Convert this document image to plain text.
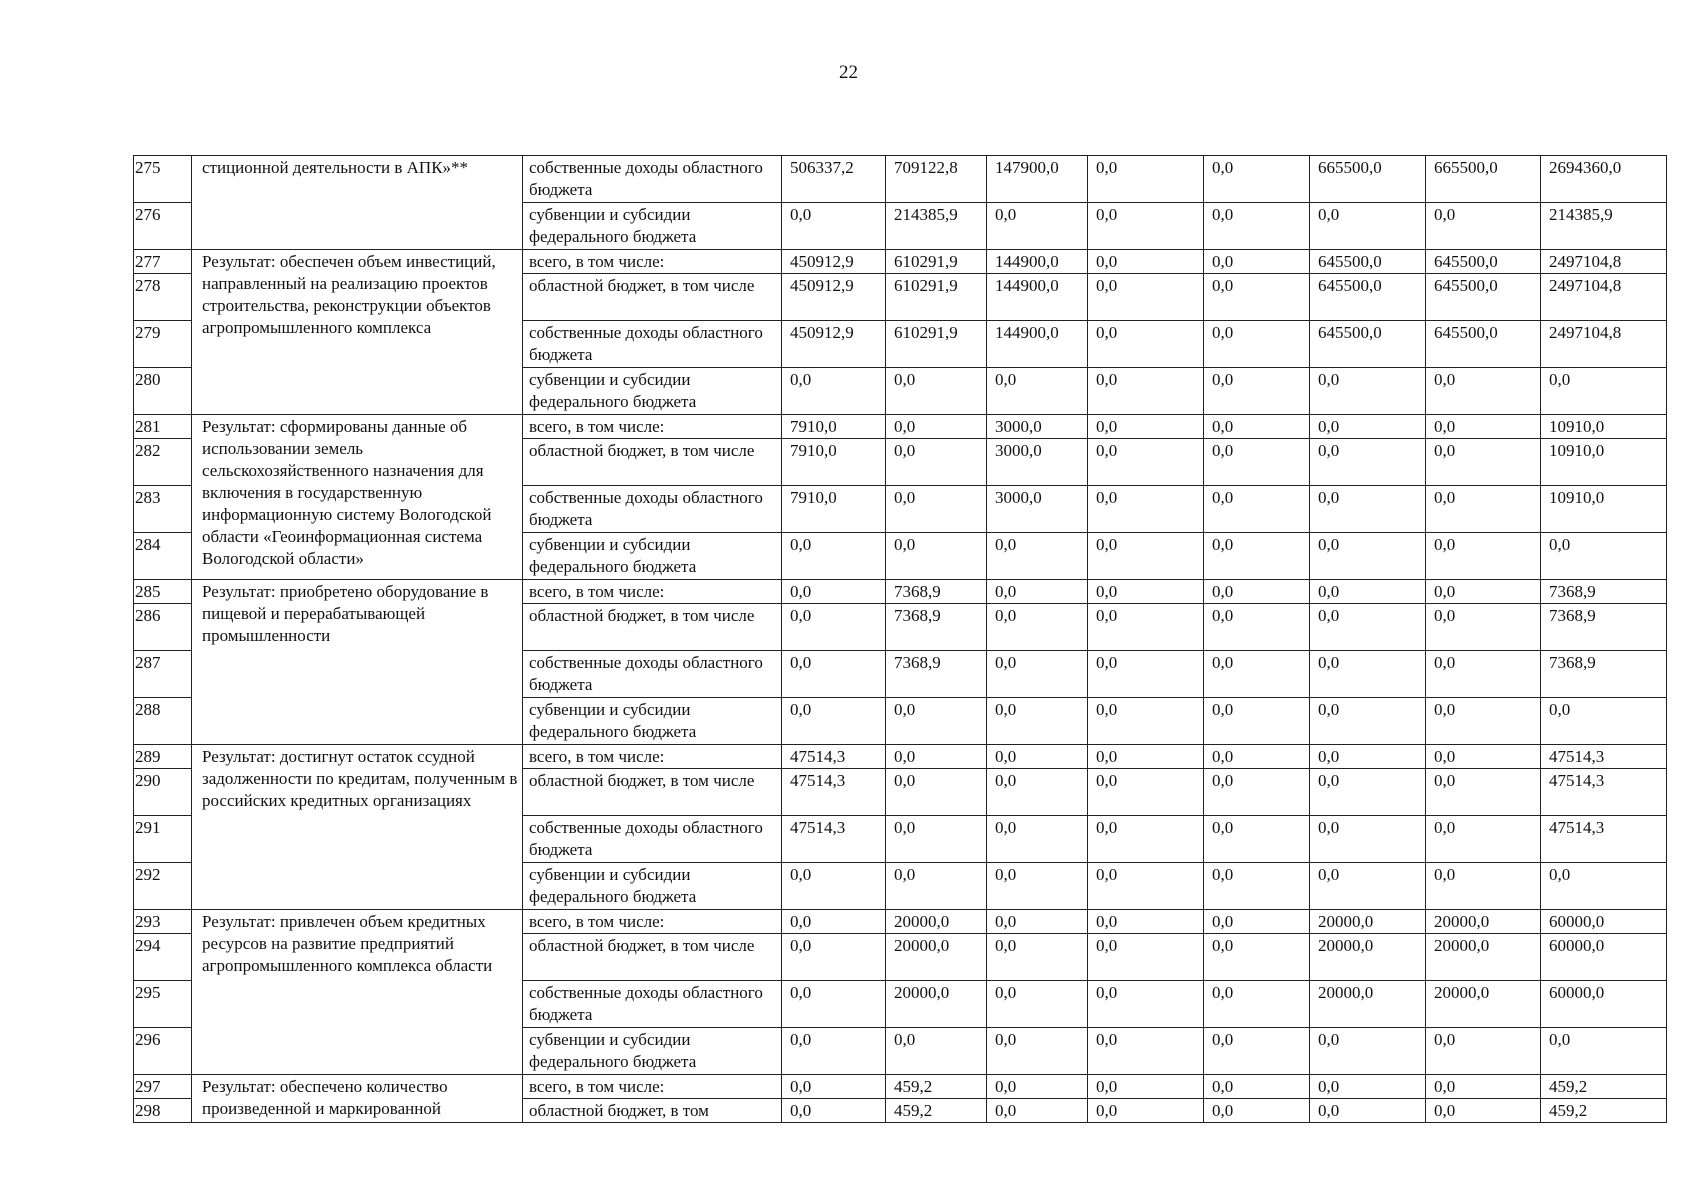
22
275	стиционной деятельности в АПК»**	собственные доходы областного бюджета	506337,2	709122,8	147900,0	0,0	0,0	665500,0	665500,0	2694360,0
276		субвенции и субсидии федерального бюджета	0,0	214385,9	0,0	0,0	0,0	0,0	0,0	214385,9
277	Результат: обеспечен объем инвестиций, направленный на реализацию проектов строительства, реконструкции объектов агропромышленного комплекса	всего, в том числе:	450912,9	610291,9	144900,0	0,0	0,0	645500,0	645500,0	2497104,8
278		областной бюджет, в том числе	450912,9	610291,9	144900,0	0,0	0,0	645500,0	645500,0	2497104,8
279		собственные доходы областного бюджета	450912,9	610291,9	144900,0	0,0	0,0	645500,0	645500,0	2497104,8
280		субвенции и субсидии федерального бюджета	0,0	0,0	0,0	0,0	0,0	0,0	0,0	0,0
281	Результат: сформированы данные об использовании земель сельскохозяйственного назначения для включения в государственную информационную систему Вологодской области «Геоинформационная система Вологодской области»	всего, в том числе:	7910,0	0,0	3000,0	0,0	0,0	0,0	0,0	10910,0
282		областной бюджет, в том числе	7910,0	0,0	3000,0	0,0	0,0	0,0	0,0	10910,0
283		собственные доходы областного бюджета	7910,0	0,0	3000,0	0,0	0,0	0,0	0,0	10910,0
284		субвенции и субсидии федерального бюджета	0,0	0,0	0,0	0,0	0,0	0,0	0,0	0,0
285	Результат: приобретено оборудование в пищевой и перерабатывающей промышленности	всего, в том числе:	0,0	7368,9	0,0	0,0	0,0	0,0	0,0	7368,9
286		областной бюджет, в том числе	0,0	7368,9	0,0	0,0	0,0	0,0	0,0	7368,9
287		собственные доходы областного бюджета	0,0	7368,9	0,0	0,0	0,0	0,0	0,0	7368,9
288		субвенции и субсидии федерального бюджета	0,0	0,0	0,0	0,0	0,0	0,0	0,0	0,0
289	Результат: достигнут остаток ссудной задолженности по кредитам, полученным в российских кредитных организациях	всего, в том числе:	47514,3	0,0	0,0	0,0	0,0	0,0	0,0	47514,3
290		областной бюджет, в том числе	47514,3	0,0	0,0	0,0	0,0	0,0	0,0	47514,3
291		собственные доходы областного бюджета	47514,3	0,0	0,0	0,0	0,0	0,0	0,0	47514,3
292		субвенции и субсидии федерального бюджета	0,0	0,0	0,0	0,0	0,0	0,0	0,0	0,0
293	Результат: привлечен объем кредитных ресурсов на развитие предприятий агропромышленного комплекса области	всего, в том числе:	0,0	20000,0	0,0	0,0	0,0	20000,0	20000,0	60000,0
294		областной бюджет, в том числе	0,0	20000,0	0,0	0,0	0,0	20000,0	20000,0	60000,0
295		собственные доходы областного бюджета	0,0	20000,0	0,0	0,0	0,0	20000,0	20000,0	60000,0
296		субвенции и субсидии федерального бюджета	0,0	0,0	0,0	0,0	0,0	0,0	0,0	0,0
297	Результат: обеспечено количество произведенной и маркированной	всего, в том числе:	0,0	459,2	0,0	0,0	0,0	0,0	0,0	459,2
298		областной бюджет, в том	0,0	459,2	0,0	0,0	0,0	0,0	0,0	459,2
